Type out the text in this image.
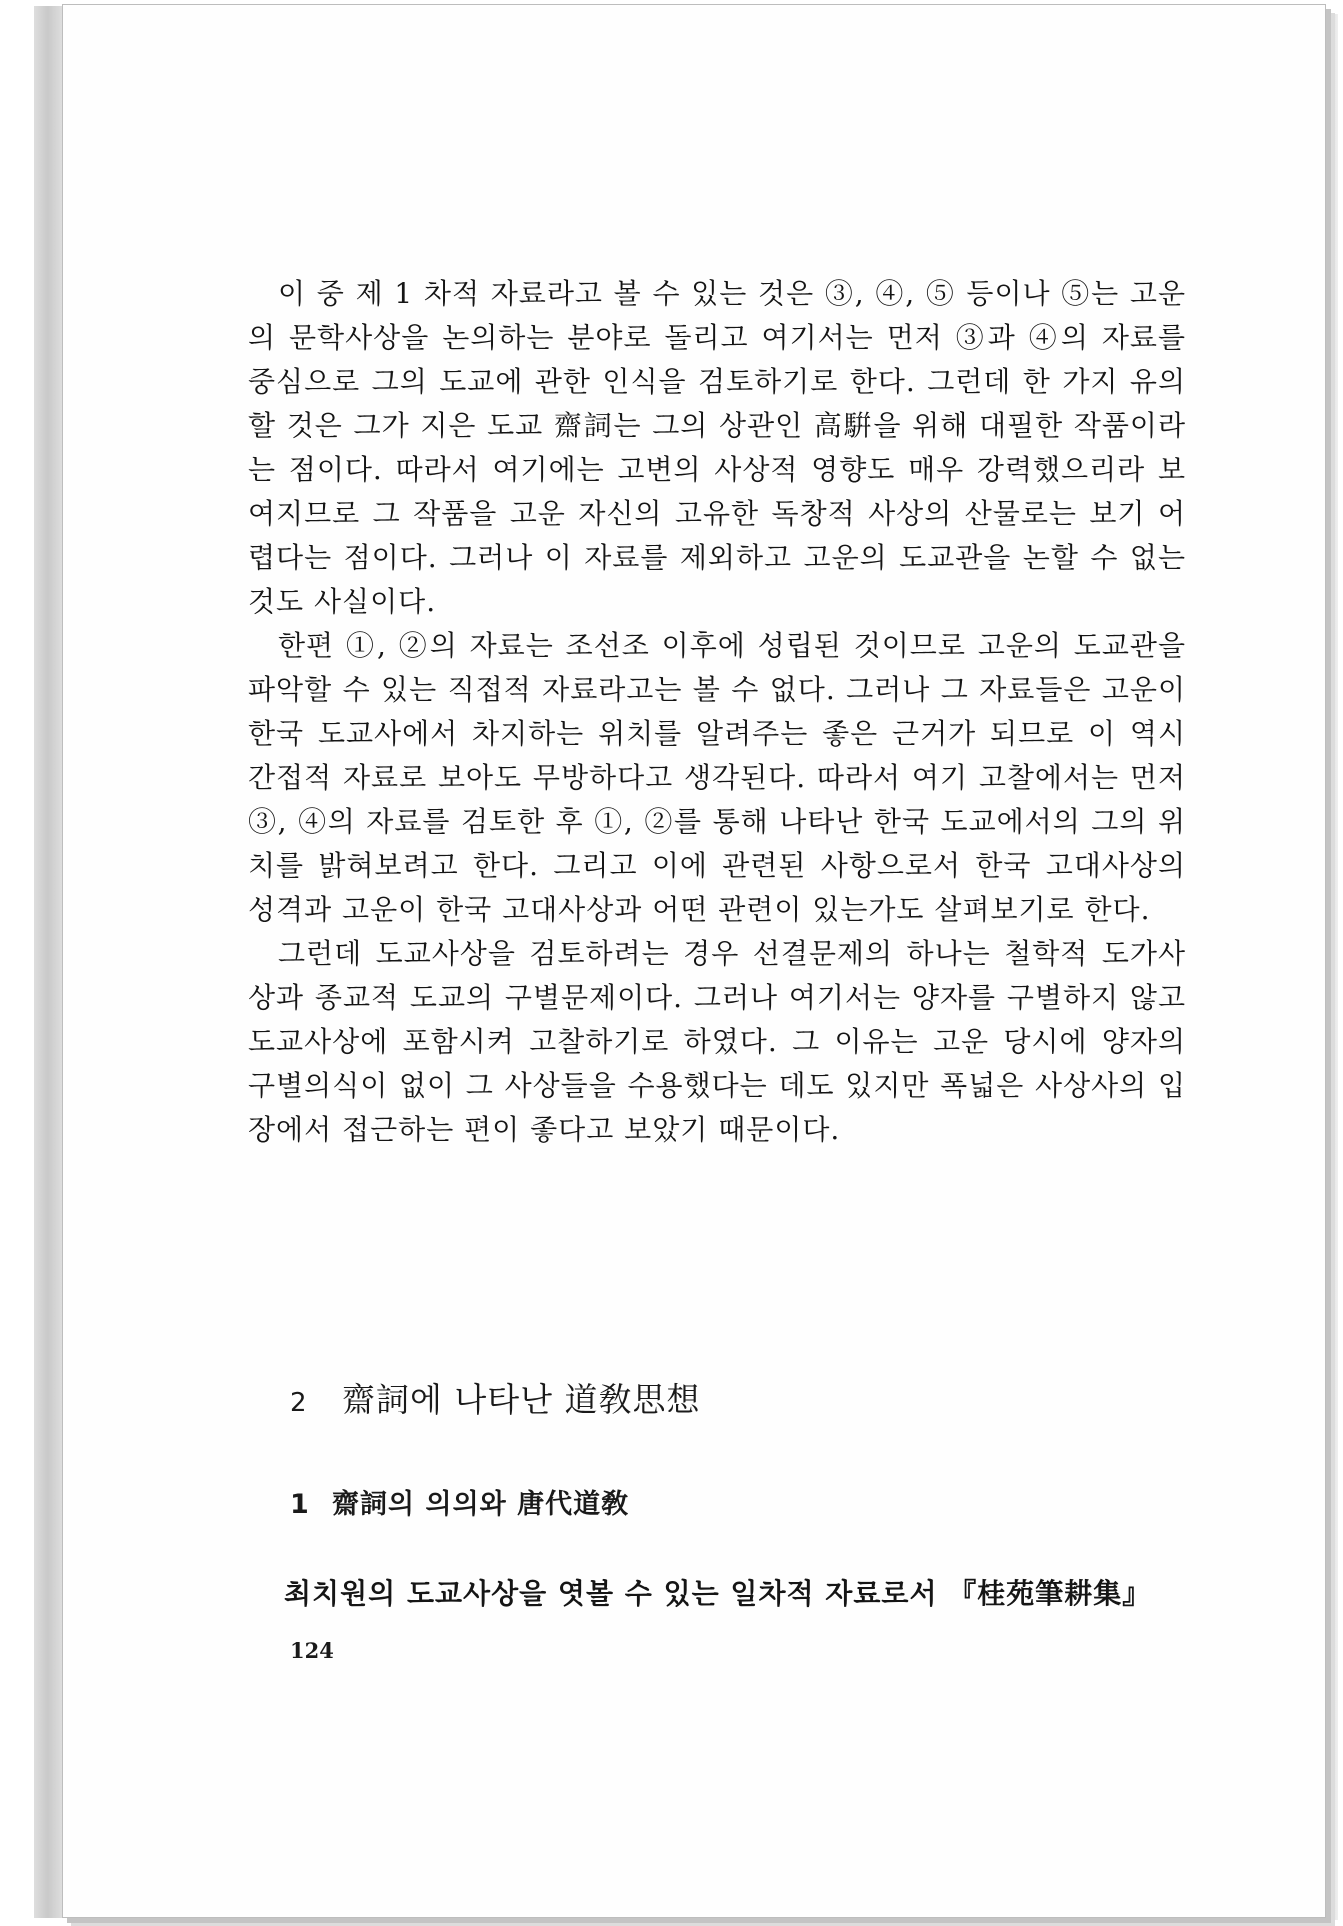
이 중 제 1 차적 자료라고 볼 수 있는 것은 ③, ④, ⑤ 등이나 ⑤는 고운의 문학사상을 논의하는 분야로 돌리고 여기서는 먼저 ③과 ④의 자료를 중심으로 그의 도교에 관한 인식을 검토하기로 한다. 그런데 한 가지 유의할 것은 그가 지은 도교 齋詞는 그의 상관인 高騈을 위해 대필한 작품이라는 점이다. 따라서 여기에는 고변의 사상적 영향도 매우 강력했으리라 보여지므로 그 작품을 고운 자신의 고유한 독창적 사상의 산물로는 보기 어렵다는 점이다. 그러나 이 자료를 제외하고 고운의 도교관을 논할 수 없는 것도 사실이다.

한편 ①, ②의 자료는 조선조 이후에 성립된 것이므로 고운의 도교관을 파악할 수 있는 직접적 자료라고는 볼 수 없다. 그러나 그 자료들은 고운이 한국 도교사에서 차지하는 위치를 알려주는 좋은 근거가 되므로 이 역시 간접적 자료로 보아도 무방하다고 생각된다. 따라서 여기 고찰에서는 먼저 ③, ④의 자료를 검토한 후 ①, ②를 통해 나타난 한국 도교에서의 그의 위치를 밝혀보려고 한다. 그리고 이에 관련된 사항으로서 한국 고대사상의 성격과 고운이 한국 고대사상과 어떤 관련이 있는가도 살펴보기로 한다.

그런데 도교사상을 검토하려는 경우 선결문제의 하나는 철학적 도가사상과 종교적 도교의 구별문제이다. 그러나 여기서는 양자를 구별하지 않고 도교사상에 포함시켜 고찰하기로 하였다. 그 이유는 고운 당시에 양자의 구별의식이 없이 그 사상들을 수용했다는 데도 있지만 폭넓은 사상사의 입장에서 접근하는 편이 좋다고 보았기 때문이다.

2 齋詞에 나타난 道敎思想
1 齋詞의 의의와 唐代道敎
최치원의 도교사상을 엿볼 수 있는 일차적 자료로서 『桂苑筆耕集』
124
